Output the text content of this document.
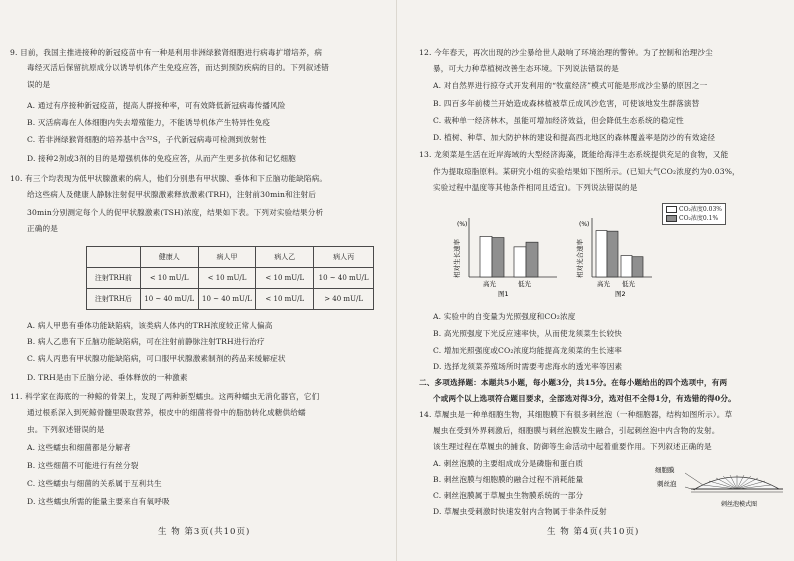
9. 目前，我国主推进接种的新冠疫苗中有一种是利用非洲绿猴肾细胞进行病毒扩增培养，病
毒经灭活后保留抗原成分以诱导机体产生免疫应答，而达到预防疾病的目的。下列叙述错
误的是
A. 通过有序接种新冠疫苗，提高人群接种率，可有效降低新冠病毒传播风险
B. 灭活病毒在人体细胞内失去增殖能力，不能诱导机体产生特异性免疫
C. 若非洲绿猴肾细胞的培养基中含³²S，子代新冠病毒可检测到放射性
D. 接种2剂或3剂的目的是增强机体的免疫应答，从而产生更多抗体和记忆细胞
10. 有三个均表现为低甲状腺激素的病人，他们分别患有甲状腺、垂体和下丘脑功能缺陷病。
给这些病人及健康人静脉注射促甲状腺激素释放激素(TRH)，注射前30min和注射后
30min分别测定每个人的促甲状腺激素(TSH)浓度，结果如下表。下列对实验结果分析
正确的是
	健康人	病人甲	病人乙	病人丙
注射TRH前	< 10 mU/L	< 10 mU/L	< 10 mU/L	10 ~ 40 mU/L
注射TRH后	10 ~ 40 mU/L	10 ~ 40 mU/L	< 10 mU/L	> 40 mU/L
A. 病人甲患有垂体功能缺陷病，该类病人体内的TRH浓度较正常人偏高
B. 病人乙患有下丘脑功能缺陷病，可在注射前静脉注射TRH进行治疗
C. 病人丙患有甲状腺功能缺陷病，可口服甲状腺激素制剂的药品来缓解症状
D. TRH是由下丘脑分泌、垂体释放的一种激素
11. 科学家在海底的一种鲸的骨架上，发现了两种新型蠕虫。这两种蠕虫无消化器官，它们
通过根系深入到死鲸骨髓里吸取营养，根皮中的细菌将骨中的脂肪转化成糖供给蠕
虫。下列叙述错误的是
A. 这些蠕虫和细菌都是分解者
B. 这些细菌不可能进行有丝分裂
C. 这些蠕虫与细菌的关系属于互利共生
D. 这些蠕虫所需的能量主要来自有氧呼吸
生 物 第3页(共10页)
12. 今年春天，再次出现的沙尘暴给世人敲响了环境治理的警钟。为了控制和治理沙尘
暴，可大力种草植树改善生态环境。下列说法错误的是
A. 对自然界进行掠夺式开发利用的“牧童经济”模式可能是形成沙尘暴的原因之一
B. 四百多年前楼兰开始造成森林植被草丘成风沙危害，可使该地发生群落演替
C. 栽种单一经济林木，虽能可增加经济效益，但会降低生态系统的稳定性
D. 植树、种草、加大防护林的建设和提高西北地区的森林覆盖率是防沙的有效途径
13. 龙须菜是生活在近岸海域的大型经济海藻，既能给海洋生态系统提供充足的食物，又能
作为提取琼脂原料。某研究小组的实验结果如下图所示。(已知大气CO₂浓度约为0.03%，
实验过程中温度等其他条件相同且适宜)。下列说法错误的是
(%)
相对生长速率
高光	低光
图1
(%)
相对光合速率
高光 低光
图2
CO₂浓度0.03%
CO₂浓度0.1%
A. 实验中的自变量为光照强度和CO₂浓度
B. 高光照强度下光反应速率快，从而使龙须菜生长较快
C. 增加光照强度或CO₂浓度均能提高龙须菜的生长速率
D. 选择龙须菜养殖场所时需要考虑海水的透光率等因素
二、多项选择题：本题共5小题，每小题3分，共15分。在每小题给出的四个选项中，有两
个或两个以上选项符合题目要求，全部选对得3分，选对但不全得1分，有选错的得0分。
14. 草履虫是一种单细胞生物，其细胞膜下有很多刺丝泡（一种细胞器，结构如图所示）。草
履虫在受到外界刺激后，细胞膜与刺丝泡膜发生融合，引起刺丝泡中内含物的发射。
该生理过程在草履虫的捕食、防御等生命活动中起着重要作用。下列叙述正确的是
A. 刺丝泡膜的主要组成成分是磷脂和蛋白质
B. 刺丝泡膜与细胞膜的融合过程不消耗能量
C. 刺丝泡膜属于草履虫生物膜系统的一部分
D. 草履虫受刺激时快速发射内含物属于非条件反射
细胞膜
刺丝泡
刺丝泡模式图
生 物 第4页(共10页)
